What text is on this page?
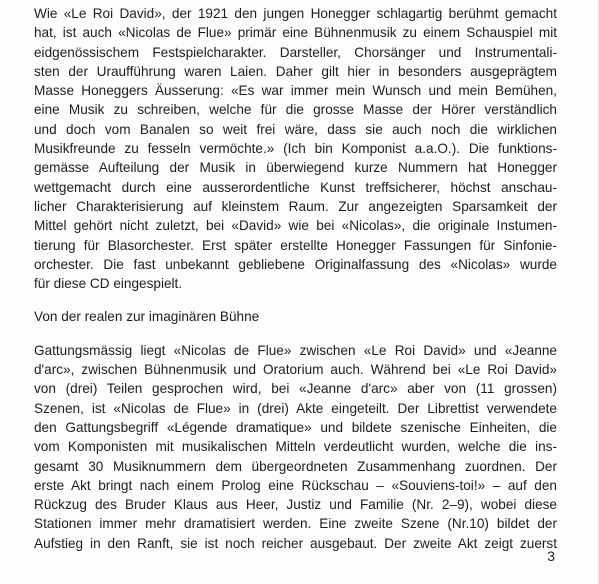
Wie «Le Roi David», der 1921 den jungen Honegger schlagartig berühmt gemacht
hat, ist auch «Nicolas de Flue» primär eine Bühnenmusik zu einem Schauspiel mit
eidgenössischem Festspielcharakter. Darsteller, Chorsänger und Instrumentali-
sten der Uraufführung waren Laien. Daher gilt hier in besonders ausgeprägtem
Masse Honeggers Äusserung: «Es war immer mein Wunsch und mein Bemühen,
eine Musik zu schreiben, welche für die grosse Masse der Hörer verständlich
und doch vom Banalen so weit frei wäre, dass sie auch noch die wirklichen
Musikfreunde zu fesseln vermöchte.» (Ich bin Komponist a.a.O.). Die funktions-
gemässe Aufteilung der Musik in überwiegend kurze Nummern hat Honegger
wettgemacht durch eine ausserordentliche Kunst treffsicherer, höchst anschau-
licher Charakterisierung auf kleinstem Raum. Zur angezeigten Sparsamkeit der
Mittel gehört nicht zuletzt, bei «David» wie bei «Nicolas», die originale Instumen-
tierung für Blasorchester. Erst später erstellte Honegger Fassungen für Sinfonie-
orchester. Die fast unbekannt gebliebene Originalfassung des «Nicolas» wurde
für diese CD eingespielt.

Von der realen zur imaginären Bühne

Gattungsmässig liegt «Nicolas de Flue» zwischen «Le Roi David» und «Jeanne
d'arc», zwischen Bühnenmusik und Oratorium auch. Während bei «Le Roi David»
von (drei) Teilen gesprochen wird, bei «Jeanne d'arc» aber von (11 grossen)
Szenen, ist «Nicolas de Flue» in (drei) Akte eingeteilt. Der Librettist verwendete
den Gattungsbegriff «Légende dramatique» und bildete szenische Einheiten, die
vom Komponisten mit musikalischen Mitteln verdeutlicht wurden, welche die ins-
gesamt 30 Musiknummern dem übergeordneten Zusammenhang zuordnen. Der
erste Akt bringt nach einem Prolog eine Rückschau – «Souviens-toi!» – auf den
Rückzug des Bruder Klaus aus Heer, Justiz und Familie (Nr. 2–9), wobei diese
Stationen immer mehr dramatisiert werden. Eine zweite Szene (Nr.10) bildet der
Aufstieg in den Ranft, sie ist noch reicher ausgebaut. Der zweite Akt zeigt zuerst

3
